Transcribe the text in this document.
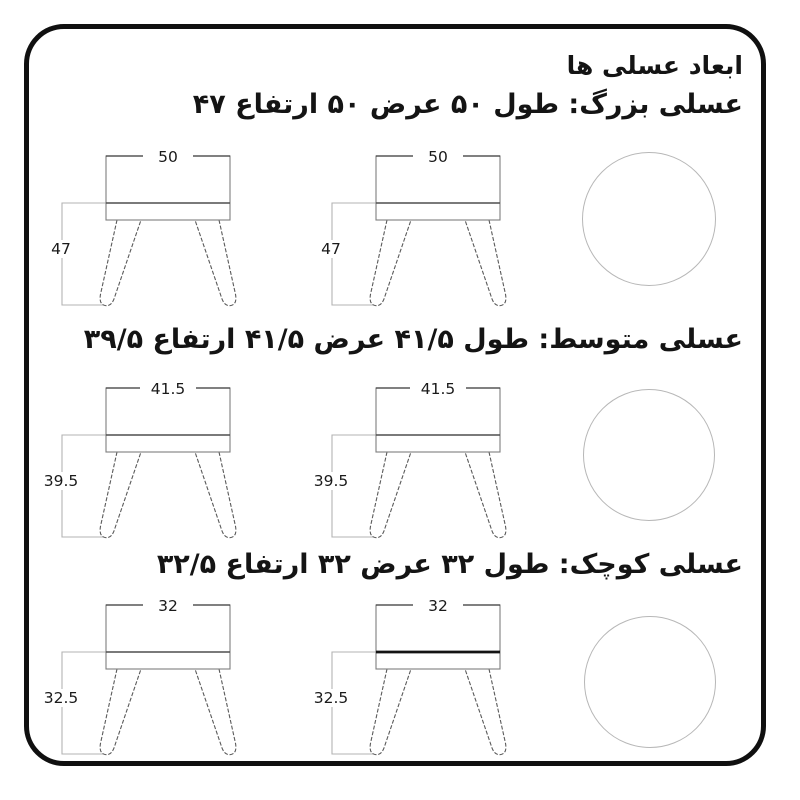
ابعاد عسلی ها
عسلی بزرگ: طول ۵۰ عرض ۵۰ ارتفاع ۴۷
عسلی متوسط: طول ۴۱/۵ عرض ۴۱/۵ ارتفاع ۳۹/۵
عسلی کوچک: طول ۳۲ عرض ۳۲ ارتفاع ۳۲/۵
50
47
50
47
41.5
39.5
41.5
39.5
32
32.5
32
32.5
